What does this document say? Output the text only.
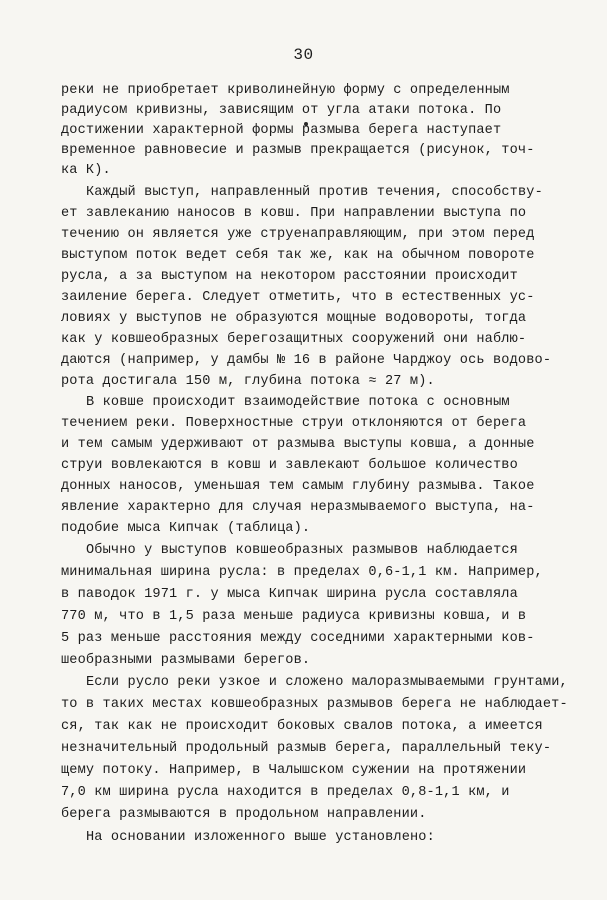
30
реки не приобретает криволинейную форму с определенным
радиусом кривизны, зависящим от угла атаки потока. По
достижении характерной формы размыва берега наступает
временное равновесие и размыв прекращается (рисунок, точ-
ка К).
Каждый выступ, направленный против течения, способству-
ет завлеканию наносов в ковш. При направлении выступа по
течению он является уже струенаправляющим, при этом перед
выступом поток ведет себя так же, как на обычном повороте
русла, а за выступом на некотором расстоянии происходит
заиление берега. Следует отметить, что в естественных ус-
ловиях у выступов не образуются мощные водовороты, тогда
как у ковшеобразных берегозащитных сооружений они наблю-
даются (например, у дамбы № 16 в районе Чарджоу ось водово-
рота достигала 150 м, глубина потока ≈ 27 м).
В ковше происходит взаимодействие потока с основным
течением реки. Поверхностные струи отклоняются от берега
и тем самым удерживают от размыва выступы ковша, а донные
струи вовлекаются в ковш и завлекают большое количество
донных наносов, уменьшая тем самым глубину размыва. Такое
явление характерно для случая неразмываемого выступа, на-
подобие мыса Кипчак (таблица).
Обычно у выступов ковшеобразных размывов наблюдается
минимальная ширина русла: в пределах 0,6-1,1 км. Например,
в паводок 1971 г. у мыса Кипчак ширина русла составляла
770 м, что в 1,5 раза меньше радиуса кривизны ковша, и в
5 раз меньше расстояния между соседними характерными ков-
шеобразными размывами берегов.
Если русло реки узкое и сложено малоразмываемыми грунтами,
то в таких местах ковшеобразных размывов берега не наблюдает-
ся, так как не происходит боковых свалов потока, а имеется
незначительный продольный размыв берега, параллельный теку-
щему потоку. Например, в Чалышском сужении на протяжении
7,0 км ширина русла находится в пределах 0,8-1,1 км, и
берега размываются в продольном направлении.
На основании изложенного выше установлено:
